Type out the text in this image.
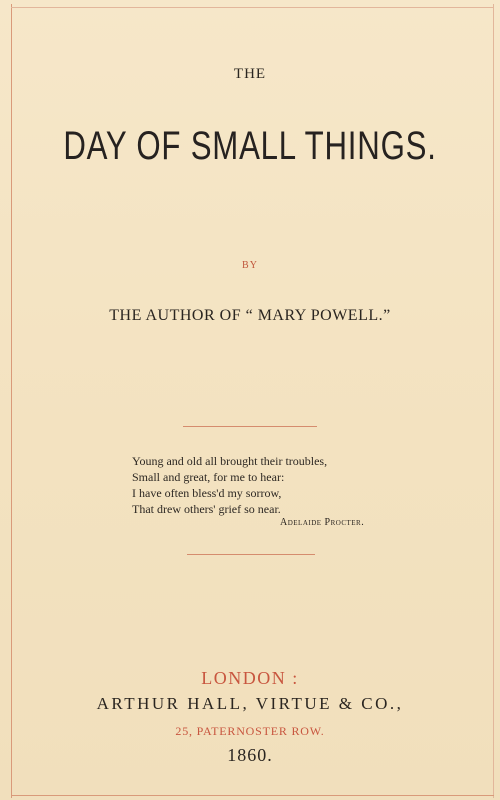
THE
DAY OF SMALL THINGS.
BY
THE AUTHOR OF “ MARY POWELL.”
Young and old all brought their troubles,
Small and great, for me to hear:
I have often bless'd my sorrow,
That drew others' grief so near.
Adelaide Procter.
LONDON :
ARTHUR HALL, VIRTUE & CO.,
25, PATERNOSTER ROW.
1860.
